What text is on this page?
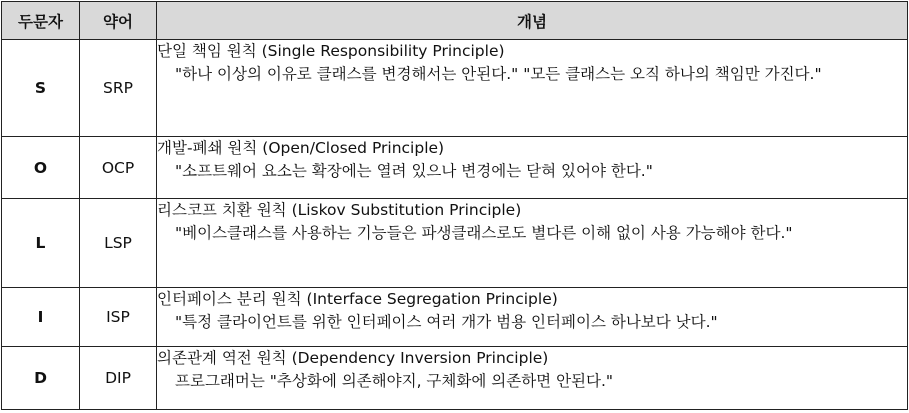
두문자	약어	개념
S	SRP	단일 책임 원칙 (Single Responsibility Principle)
"하나 이상의 이유로 클래스를 변경해서는 안된다." "모든 클래스는 오직 하나의 책임만 가진다."

O	OCP	개발-폐쇄 원칙 (Open/Closed Principle)
"소프트웨어 요소는 확장에는 열려 있으나 변경에는 닫혀 있어야 한다."

L	LSP	리스코프 치환 원칙 (Liskov Substitution Principle)
"베이스클래스를 사용하는 기능들은 파생클래스로도 별다른 이해 없이 사용 가능해야 한다."

I	ISP	인터페이스 분리 원칙 (Interface Segregation Principle)
"특정 클라이언트를 위한 인터페이스 여러 개가 범용 인터페이스 하나보다 낫다."

D	DIP	의존관계 역전 원칙 (Dependency Inversion Principle)
프로그래머는 "추상화에 의존해야지, 구체화에 의존하면 안된다."
